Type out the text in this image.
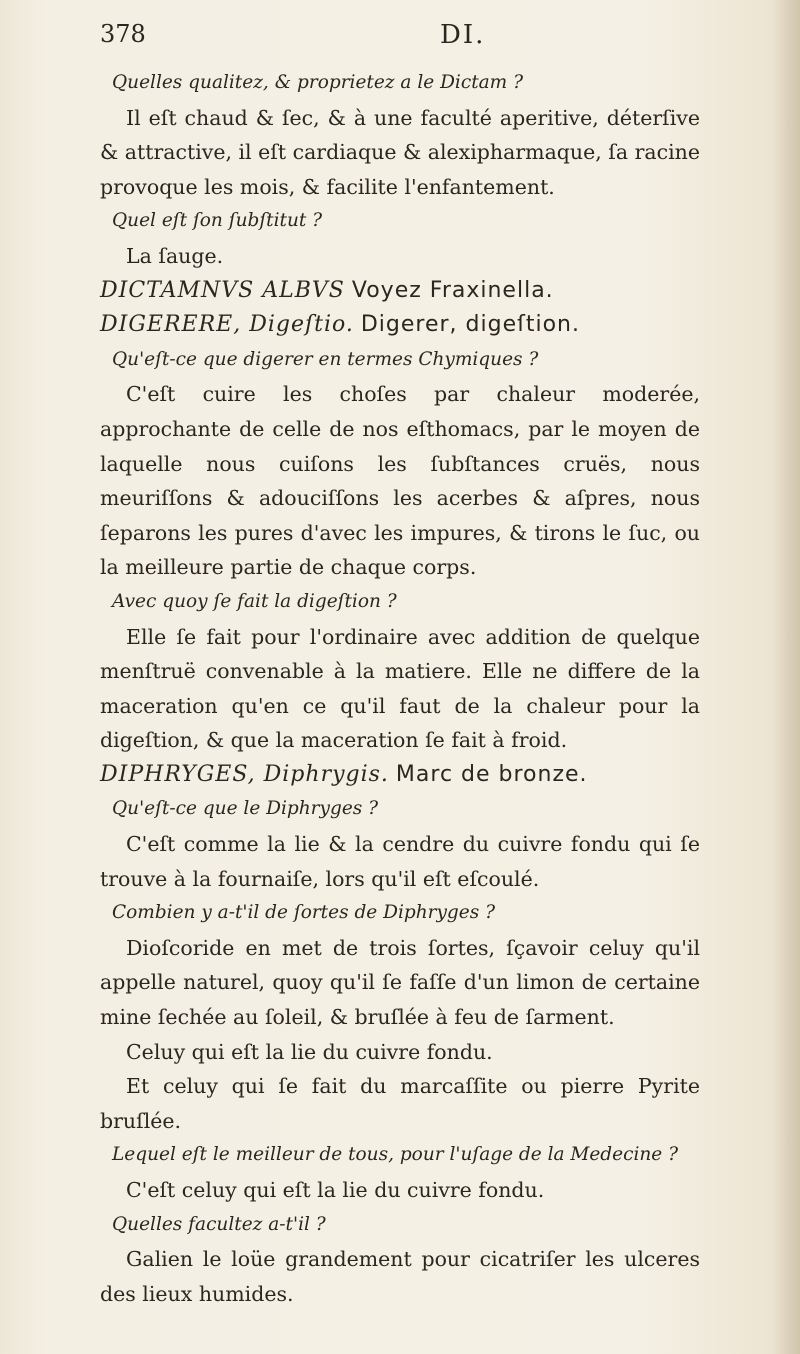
378	DI.

Quelles qualitez, & proprietez a le Dictam ?

Il eſt chaud & ſec, & à une faculté aperitive, déterſive & attractive, il eſt cardiaque & alexipharmaque, ſa racine provoque les mois, & facilite l'enfantement.

Quel eſt ſon ſubſtitut ?

La ſauge.

DICTAMNVS ALBVS Voyez Fraxinella.

DIGERERE, Digeſtio. Digerer, digeſtion.

Qu'eſt-ce que digerer en termes Chymiques ?

C'eſt cuire les choſes par chaleur moderée, approchante de celle de nos eſthomacs, par le moyen de laquelle nous cuiſons les ſubſtances cruës, nous meuriſſons & adouciſſons les acerbes & aſpres, nous ſeparons les pures d'avec les impures, & tirons le ſuc, ou la meilleure partie de chaque corps.

Avec quoy ſe fait la digeſtion ?

Elle ſe fait pour l'ordinaire avec addition de quelque menſtruë convenable à la matiere. Elle ne differe de la maceration qu'en ce qu'il faut de la chaleur pour la digeſtion, & que la maceration ſe fait à froid.

DIPHRYGES, Diphrygis. Marc de bronze.

Qu'eſt-ce que le Diphryges ?

C'eſt comme la lie & la cendre du cuivre fondu qui ſe trouve à la fournaiſe, lors qu'il eſt eſcoulé.

Combien y a-t'il de ſortes de Diphryges ?

Dioſcoride en met de trois ſortes, ſçavoir celuy qu'il appelle naturel, quoy qu'il ſe faſſe d'un limon de certaine mine ſechée au ſoleil, & bruſlée à feu de ſarment.

Celuy qui eſt la lie du cuivre fondu.

Et celuy qui ſe fait du marcaſſite ou pierre Pyrite bruſlée.

Lequel eſt le meilleur de tous, pour l'uſage de la Medecine ?

C'eſt celuy qui eſt la lie du cuivre fondu.

Quelles facultez a-t'il ?

Galien le loüe grandement pour cicatriſer les ulceres des lieux humides.
